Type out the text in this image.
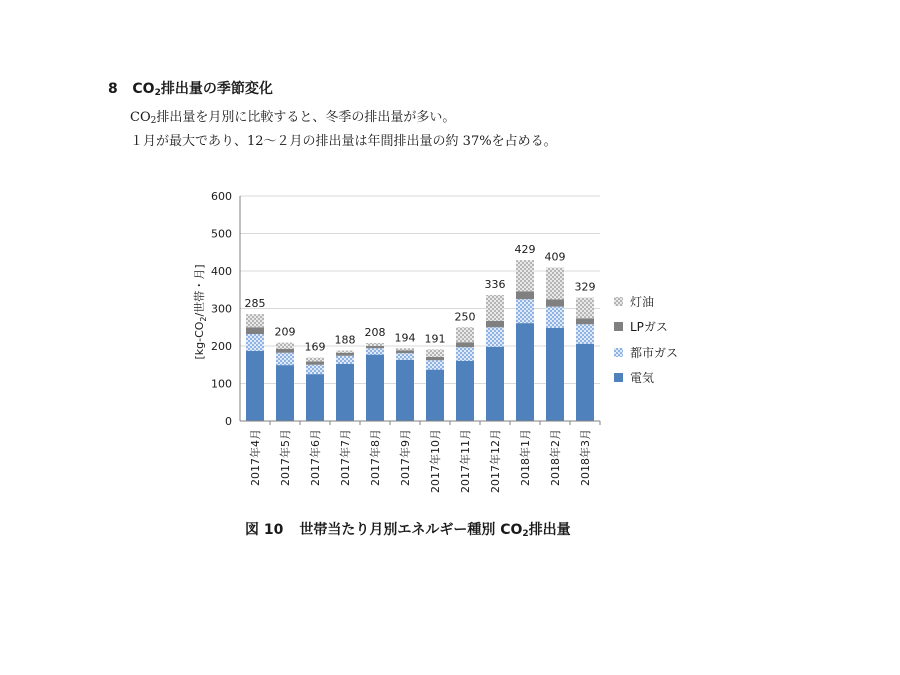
8 $CO_2$排出量の季節変化
$CO_2$排出量を月別に比較すると、冬季の排出量が多い。
１月が最大であり、12～２月の排出量は年間排出量の約 37%を占める。
0
100
200
300
400
500
600
285
2017年4月
209
2017年5月
169
2017年6月
188
2017年7月
208
2017年8月
194
2017年9月
191
2017年10月
250
2017年11月
336
2017年12月
429
2018年1月
409
2018年2月
329
2018年3月
灯油
LPガス
都市ガス
電気
[$kg-CO_2/$世帯・月]
図 10 世帯当たり月別エネルギー種別 $CO_2$排出量
